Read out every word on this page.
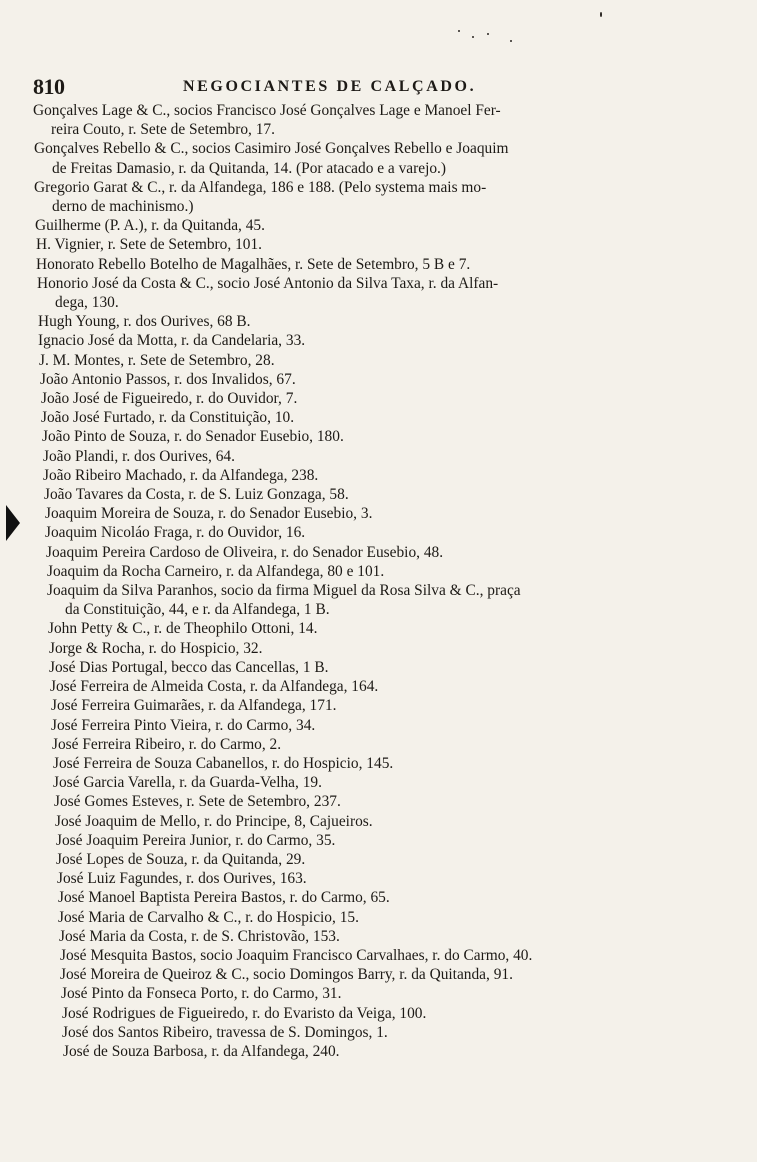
810	NEGOCIANTES DE CALÇADO.
Gonçalves Lage & C., socios Francisco José Gonçalves Lage e Manoel Fer-
reira Couto, r. Sete de Setembro, 17.
Gonçalves Rebello & C., socios Casimiro José Gonçalves Rebello e Joaquim
de Freitas Damasio, r. da Quitanda, 14. (Por atacado e a varejo.)
Gregorio Garat & C., r. da Alfandega, 186 e 188. (Pelo systema mais mo-
derno de machinismo.)
Guilherme (P. A.), r. da Quitanda, 45.
H. Vignier, r. Sete de Setembro, 101.
Honorato Rebello Botelho de Magalhães, r. Sete de Setembro, 5 B e 7.
Honorio José da Costa & C., socio José Antonio da Silva Taxa, r. da Alfan-
dega, 130.
Hugh Young, r. dos Ourives, 68 B.
Ignacio José da Motta, r. da Candelaria, 33.
J. M. Montes, r. Sete de Setembro, 28.
João Antonio Passos, r. dos Invalidos, 67.
João José de Figueiredo, r. do Ouvidor, 7.
João José Furtado, r. da Constituição, 10.
João Pinto de Souza, r. do Senador Eusebio, 180.
João Plandi, r. dos Ourives, 64.
João Ribeiro Machado, r. da Alfandega, 238.
João Tavares da Costa, r. de S. Luiz Gonzaga, 58.
Joaquim Moreira de Souza, r. do Senador Eusebio, 3.
Joaquim Nicoláo Fraga, r. do Ouvidor, 16.
Joaquim Pereira Cardoso de Oliveira, r. do Senador Eusebio, 48.
Joaquim da Rocha Carneiro, r. da Alfandega, 80 e 101.
Joaquim da Silva Paranhos, socio da firma Miguel da Rosa Silva & C., praça
da Constituição, 44, e r. da Alfandega, 1 B.
John Petty & C., r. de Theophilo Ottoni, 14.
Jorge & Rocha, r. do Hospicio, 32.
José Dias Portugal, becco das Cancellas, 1 B.
José Ferreira de Almeida Costa, r. da Alfandega, 164.
José Ferreira Guimarães, r. da Alfandega, 171.
José Ferreira Pinto Vieira, r. do Carmo, 34.
José Ferreira Ribeiro, r. do Carmo, 2.
José Ferreira de Souza Cabanellos, r. do Hospicio, 145.
José Garcia Varella, r. da Guarda-Velha, 19.
José Gomes Esteves, r. Sete de Setembro, 237.
José Joaquim de Mello, r. do Principe, 8, Cajueiros.
José Joaquim Pereira Junior, r. do Carmo, 35.
José Lopes de Souza, r. da Quitanda, 29.
José Luiz Fagundes, r. dos Ourives, 163.
José Manoel Baptista Pereira Bastos, r. do Carmo, 65.
José Maria de Carvalho & C., r. do Hospicio, 15.
José Maria da Costa, r. de S. Christovão, 153.
José Mesquita Bastos, socio Joaquim Francisco Carvalhaes, r. do Carmo, 40.
José Moreira de Queiroz & C., socio Domingos Barry, r. da Quitanda, 91.
José Pinto da Fonseca Porto, r. do Carmo, 31.
José Rodrigues de Figueiredo, r. do Evaristo da Veiga, 100.
José dos Santos Ribeiro, travessa de S. Domingos, 1.
José de Souza Barbosa, r. da Alfandega, 240.
